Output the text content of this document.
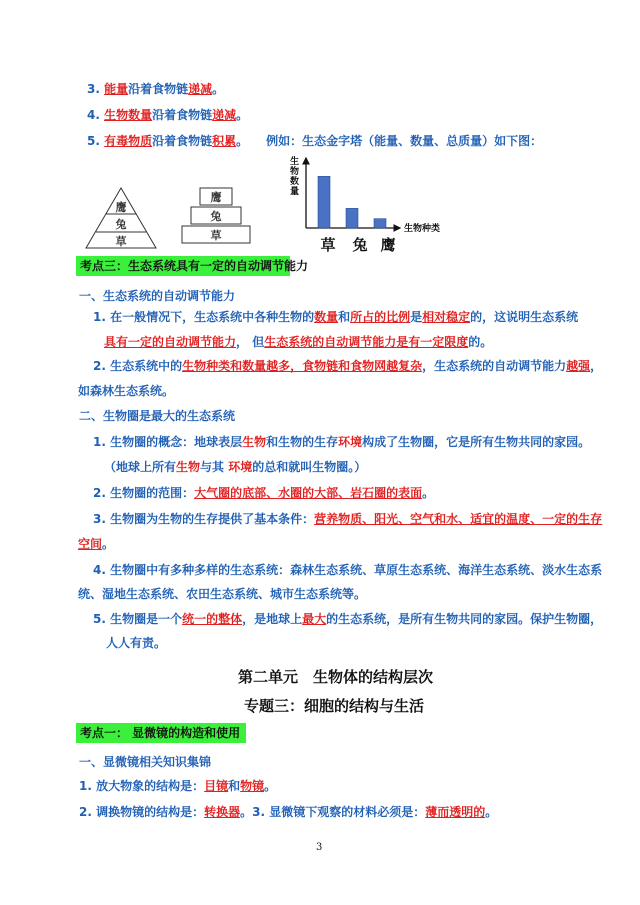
3. 能量沿着食物链递减。
4. 生物数量沿着食物链递减。
5. 有毒物质沿着食物链积累。 例如：生态金字塔（能量、数量、总质量）如下图：
鹰
兔
草
鹰
兔
草
生物数量
生物种类
草 兔 鹰
考点三：生态系统具有一定的自动调节能力
一、生态系统的自动调节能力
1. 在一般情况下，生态系统中各种生物的数量和所占的比例是相对稳定的，这说明生态系统
具有一定的自动调节能力， 但生态系统的自动调节能力是有一定限度的。
2. 生态系统中的生物种类和数量越多，食物链和食物网越复杂，生态系统的自动调节能力越强，
如森林生态系统。
二、生物圈是最大的生态系统
1. 生物圈的概念：地球表层生物和生物的生存环境构成了生物圈，它是所有生物共同的家园。
（地球上所有生物与其 环境的总和就叫生物圈。）
2. 生物圈的范围：大气圈的底部、水圈的大部、岩石圈的表面。
3. 生物圈为生物的生存提供了基本条件：营养物质、阳光、空气和水、适宜的温度、一定的生存
空间。
4. 生物圈中有多种多样的生态系统：森林生态系统、草原生态系统、海洋生态系统、淡水生态系
统、湿地生态系统、农田生态系统、城市生态系统等。
5. 生物圈是一个统一的整体，是地球上最大的生态系统，是所有生物共同的家园。保护生物圈，
人人有责。
第二单元　生物体的结构层次
专题三：细胞的结构与生活
考点一： 显微镜的构造和使用
一、显微镜相关知识集锦
1. 放大物象的结构是：目镜和物镜。
2. 调换物镜的结构是：转换器。3. 显微镜下观察的材料必须是：薄而透明的。
3
